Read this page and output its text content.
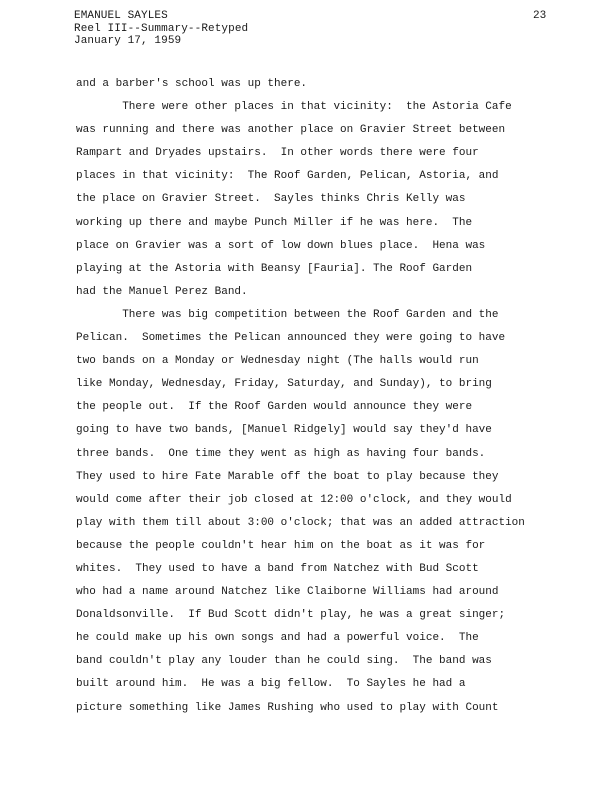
EMANUEL SAYLES
Reel III--Summary--Retyped
January 17, 1959
23
and a barber's school was up there.
There were other places in that vicinity:  the Astoria Cafe
was running and there was another place on Gravier Street between
Rampart and Dryades upstairs.  In other words there were four
places in that vicinity:  The Roof Garden, Pelican, Astoria, and
the place on Gravier Street.  Sayles thinks Chris Kelly was
working up there and maybe Punch Miller if he was here.  The
place on Gravier was a sort of low down blues place.  Hena was
playing at the Astoria with Beansy [Fauria]. The Roof Garden
had the Manuel Perez Band.
There was big competition between the Roof Garden and the
Pelican.  Sometimes the Pelican announced they were going to have
two bands on a Monday or Wednesday night (The halls would run
like Monday, Wednesday, Friday, Saturday, and Sunday), to bring
the people out.  If the Roof Garden would announce they were
going to have two bands, [Manuel Ridgely] would say they'd have
three bands.  One time they went as high as having four bands.
They used to hire Fate Marable off the boat to play because they
would come after their job closed at 12:00 o'clock, and they would
play with them till about 3:00 o'clock; that was an added attraction
because the people couldn't hear him on the boat as it was for
whites.  They used to have a band from Natchez with Bud Scott
who had a name around Natchez like Claiborne Williams had around
Donaldsonville.  If Bud Scott didn't play, he was a great singer;
he could make up his own songs and had a powerful voice.  The
band couldn't play any louder than he could sing.  The band was
built around him.  He was a big fellow.  To Sayles he had a
picture something like James Rushing who used to play with Count
